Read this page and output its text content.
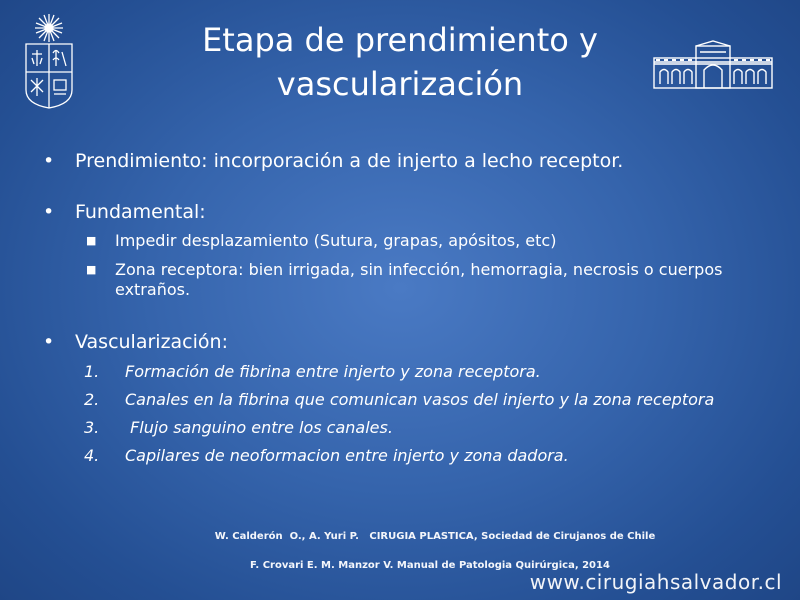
Etapa de prendimiento y
vascularización
• Prendimiento: incorporación a de injerto a lecho receptor.
• Fundamental:
■ Impedir desplazamiento (Sutura, grapas, apósitos, etc)
■ Zona receptora: bien irrigada, sin infección, hemorragia, necrosis o cuerpos extraños.
• Vascularización:
1. Formación de fibrina entre injerto y zona receptora.
2. Canales en la fibrina que comunican vasos del injerto y la zona receptora
3. Flujo sanguino entre los canales.
4. Capilares de neoformacion entre injerto y zona dadora.
W. Calderón  O., A. Yuri P.   CIRUGIA PLASTICA, Sociedad de Cirujanos de Chile
F. Crovari E. M. Manzor V. Manual de Patologia Quirúrgica, 2014
www.cirugiahsalvador.cl
